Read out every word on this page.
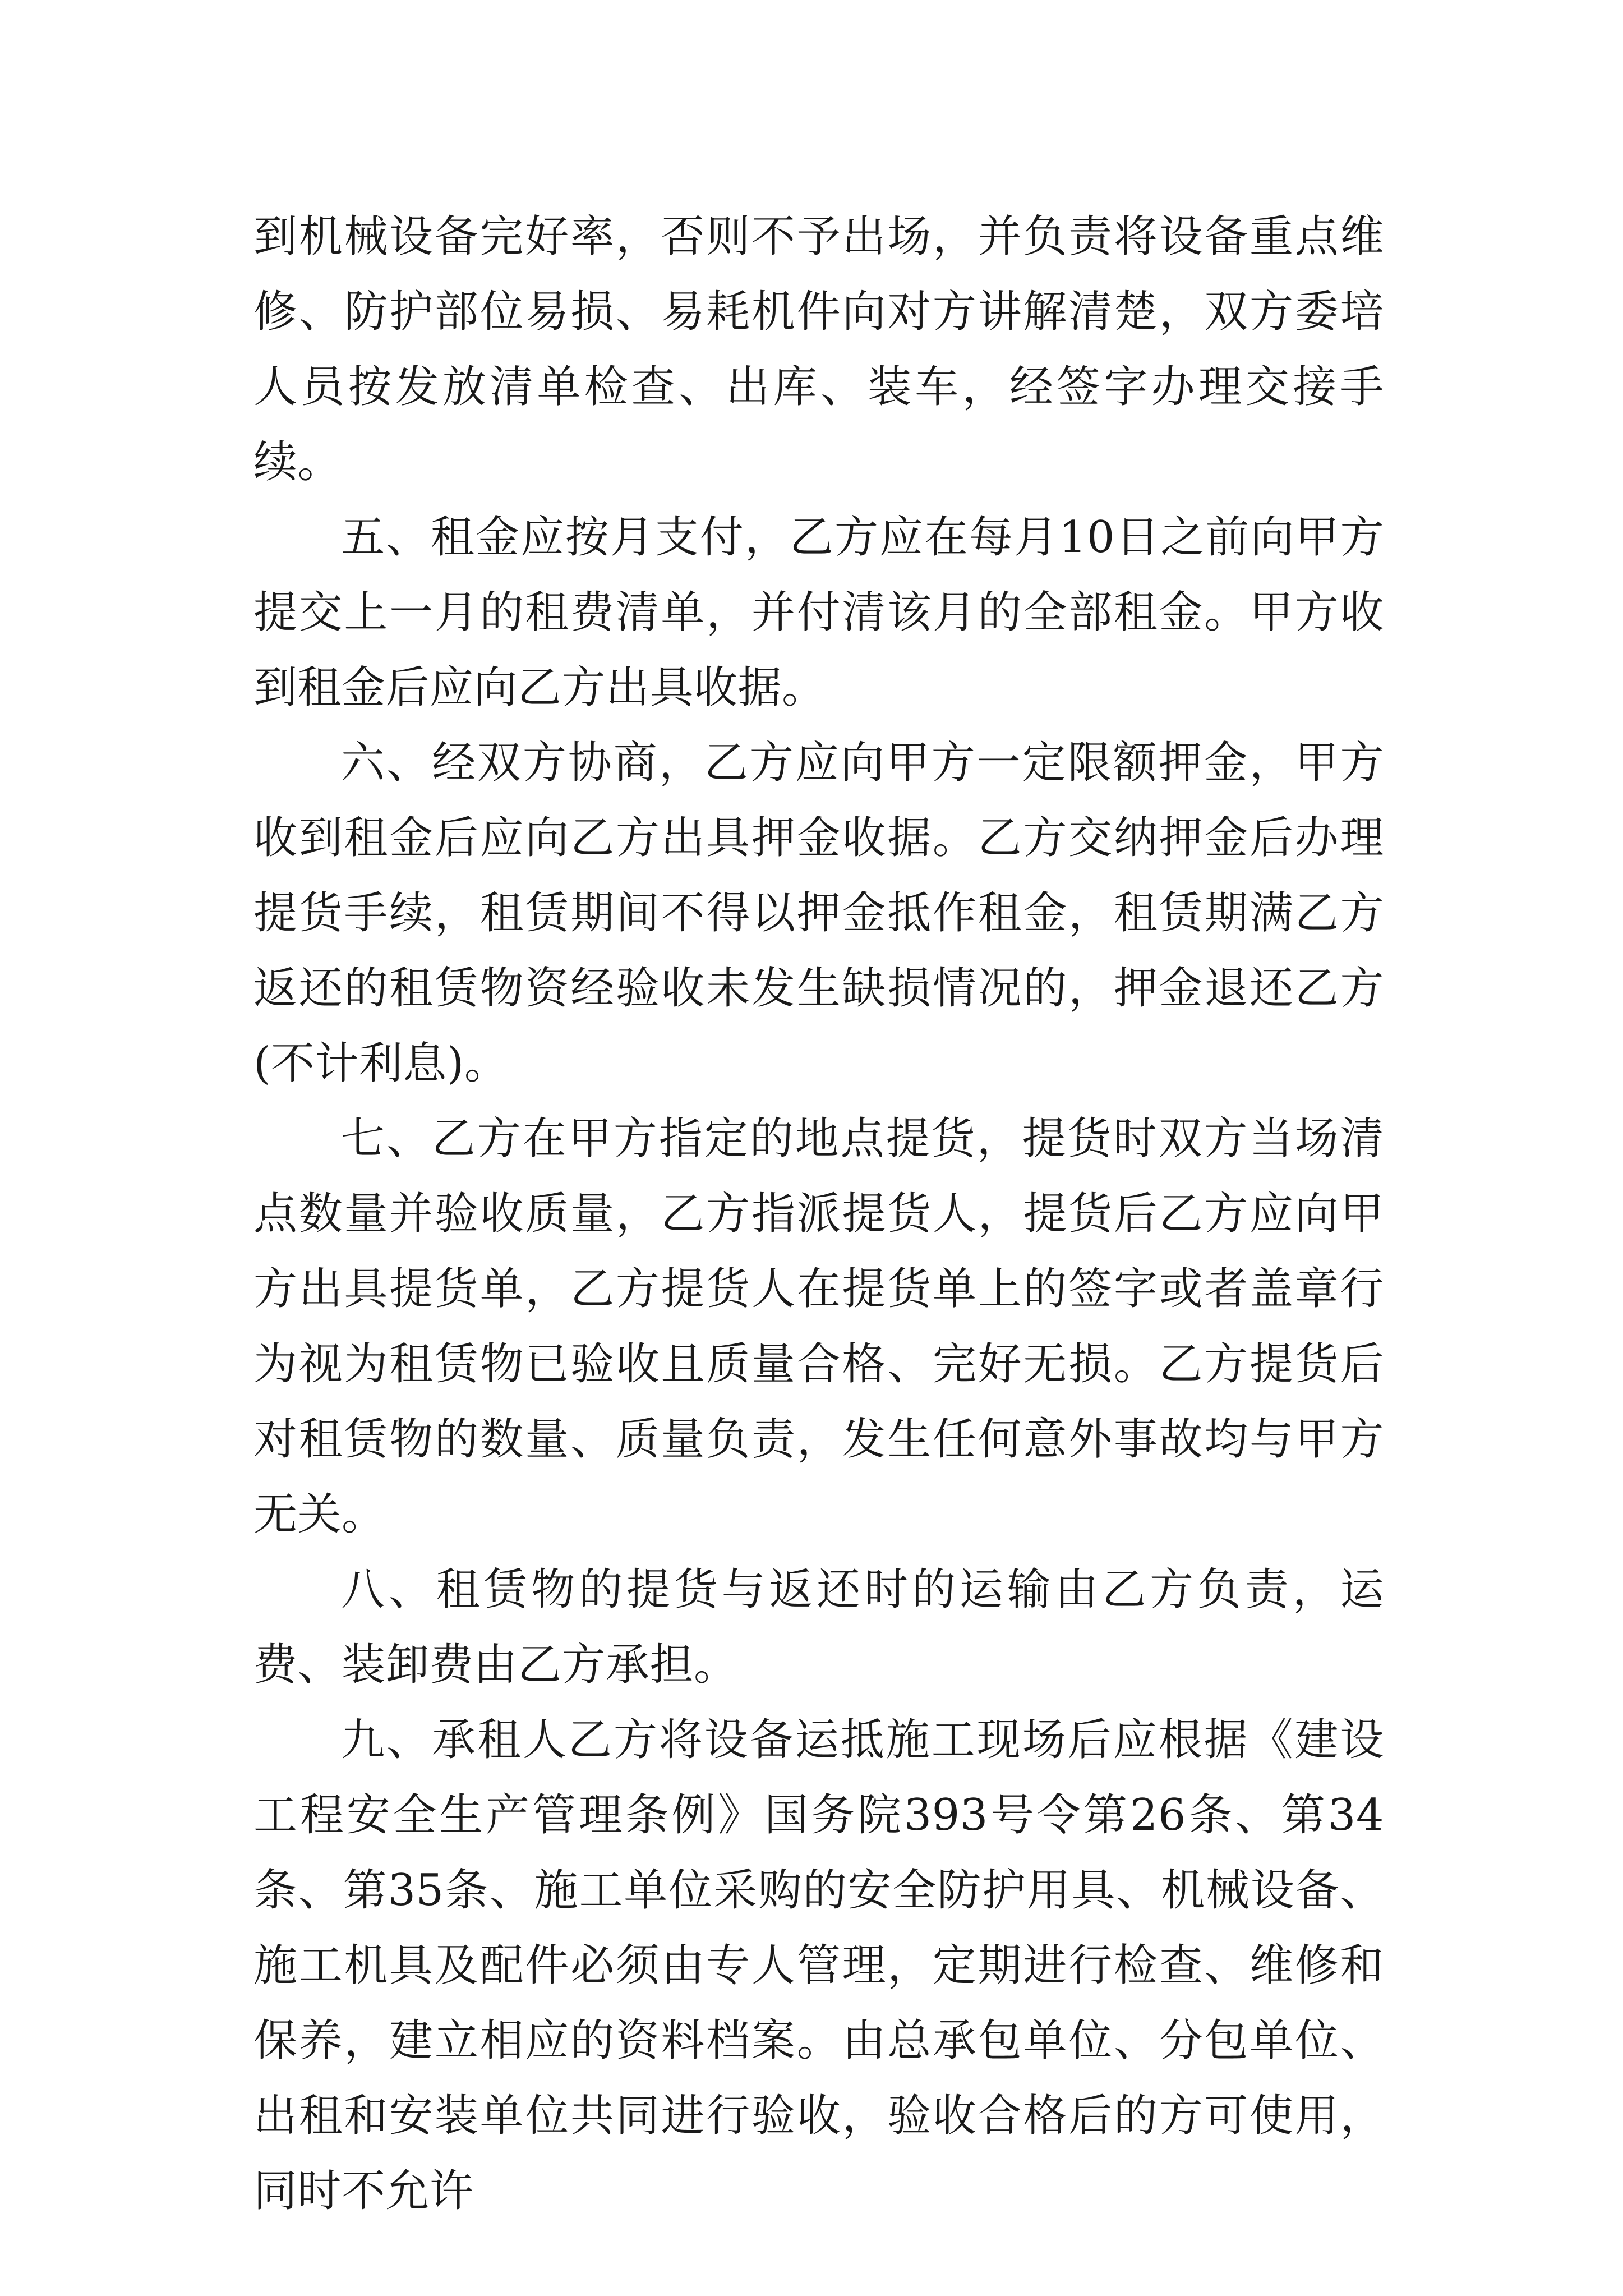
到机械设备完好率，否则不予出场，并负责将设备重点维修、防护部位易损、易耗机件向对方讲解清楚，双方委培人员按发放清单检查、出库、装车，经签字办理交接手续。

五、租金应按月支付，乙方应在每月10日之前向甲方提交上一月的租费清单，并付清该月的全部租金。甲方收到租金后应向乙方出具收据。

六、经双方协商，乙方应向甲方一定限额押金，甲方收到租金后应向乙方出具押金收据。乙方交纳押金后办理提货手续，租赁期间不得以押金抵作租金，租赁期满乙方返还的租赁物资经验收未发生缺损情况的，押金退还乙方(不计利息)。

七、乙方在甲方指定的地点提货，提货时双方当场清点数量并验收质量，乙方指派提货人，提货后乙方应向甲方出具提货单，乙方提货人在提货单上的签字或者盖章行为视为租赁物已验收且质量合格、完好无损。乙方提货后对租赁物的数量、质量负责，发生任何意外事故均与甲方无关。

八、租赁物的提货与返还时的运输由乙方负责，运费、装卸费由乙方承担。

九、承租人乙方将设备运抵施工现场后应根据《建设工程安全生产管理条例》国务院393号令第26条、第34条、第35条、施工单位采购的安全防护用具、机械设备、施工机具及配件必须由专人管理，定期进行检查、维修和保养，建立相应的资料档案。由总承包单位、分包单位、出租和安装单位共同进行验收，验收合格后的方可使用，同时不允许
